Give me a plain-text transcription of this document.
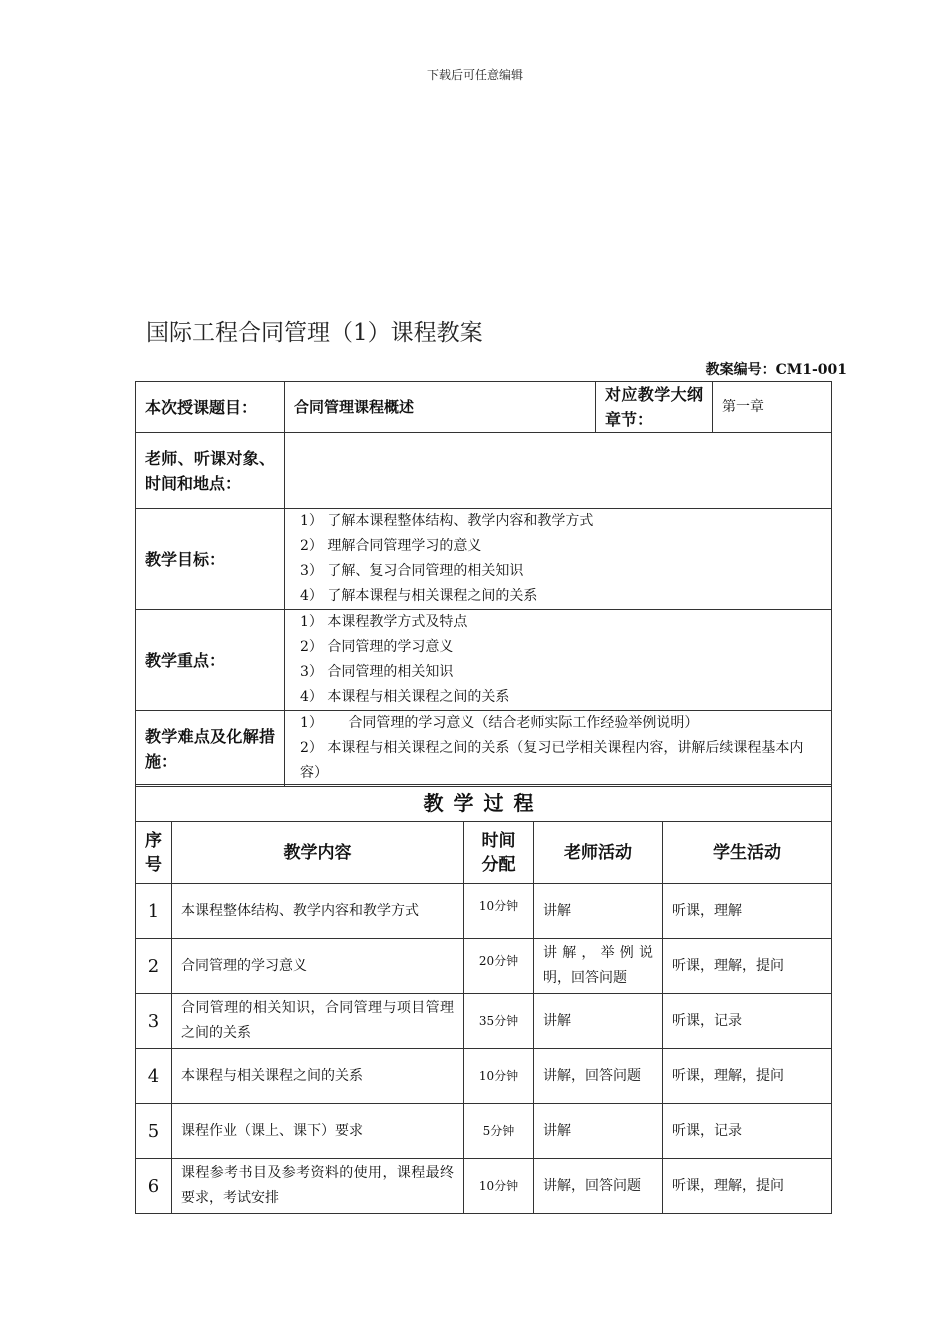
下载后可任意编辑
国际工程合同管理（1）课程教案
教案编号：CM1-001
本次授课题目：	合同管理课程概述	对应教学大纲章节：	第一章
老师、听课对象、时间和地点：			
教学目标：	1） 了解本课程整体结构、教学内容和教学方式
2） 理解合同管理学习的意义
3） 了解、复习合同管理的相关知识
4） 了解本课程与相关课程之间的关系		

教学重点：	1） 本课程教学方式及特点
2） 合同管理的学习意义
3） 合同管理的相关知识
4） 本课程与相关课程之间的关系		

教学难点及化解措施：	1）　　 合同管理的学习意义（结合老师实际工作经验举例说明）
2） 本课程与相关课程之间的关系（复习已学相关课程内容，讲解后续课程基本内容）		
教学过程				
序号	教学内容	时间分配	老师活动	学生活动
1	本课程整体结构、教学内容和教学方式	10分钟	讲解	听课，理解
2	合同管理的学习意义	20分钟	讲解，举例说明，回答问题	听课，理解，提问
3	合同管理的相关知识，合同管理与项目管理之间的关系	35分钟	讲解	听课，记录
4	本课程与相关课程之间的关系	10分钟	讲解，回答问题	听课，理解，提问
5	课程作业（课上、课下）要求	5分钟	讲解	听课，记录
6	课程参考书目及参考资料的使用，课程最终要求，考试安排	10分钟	讲解，回答问题	听课，理解，提问
